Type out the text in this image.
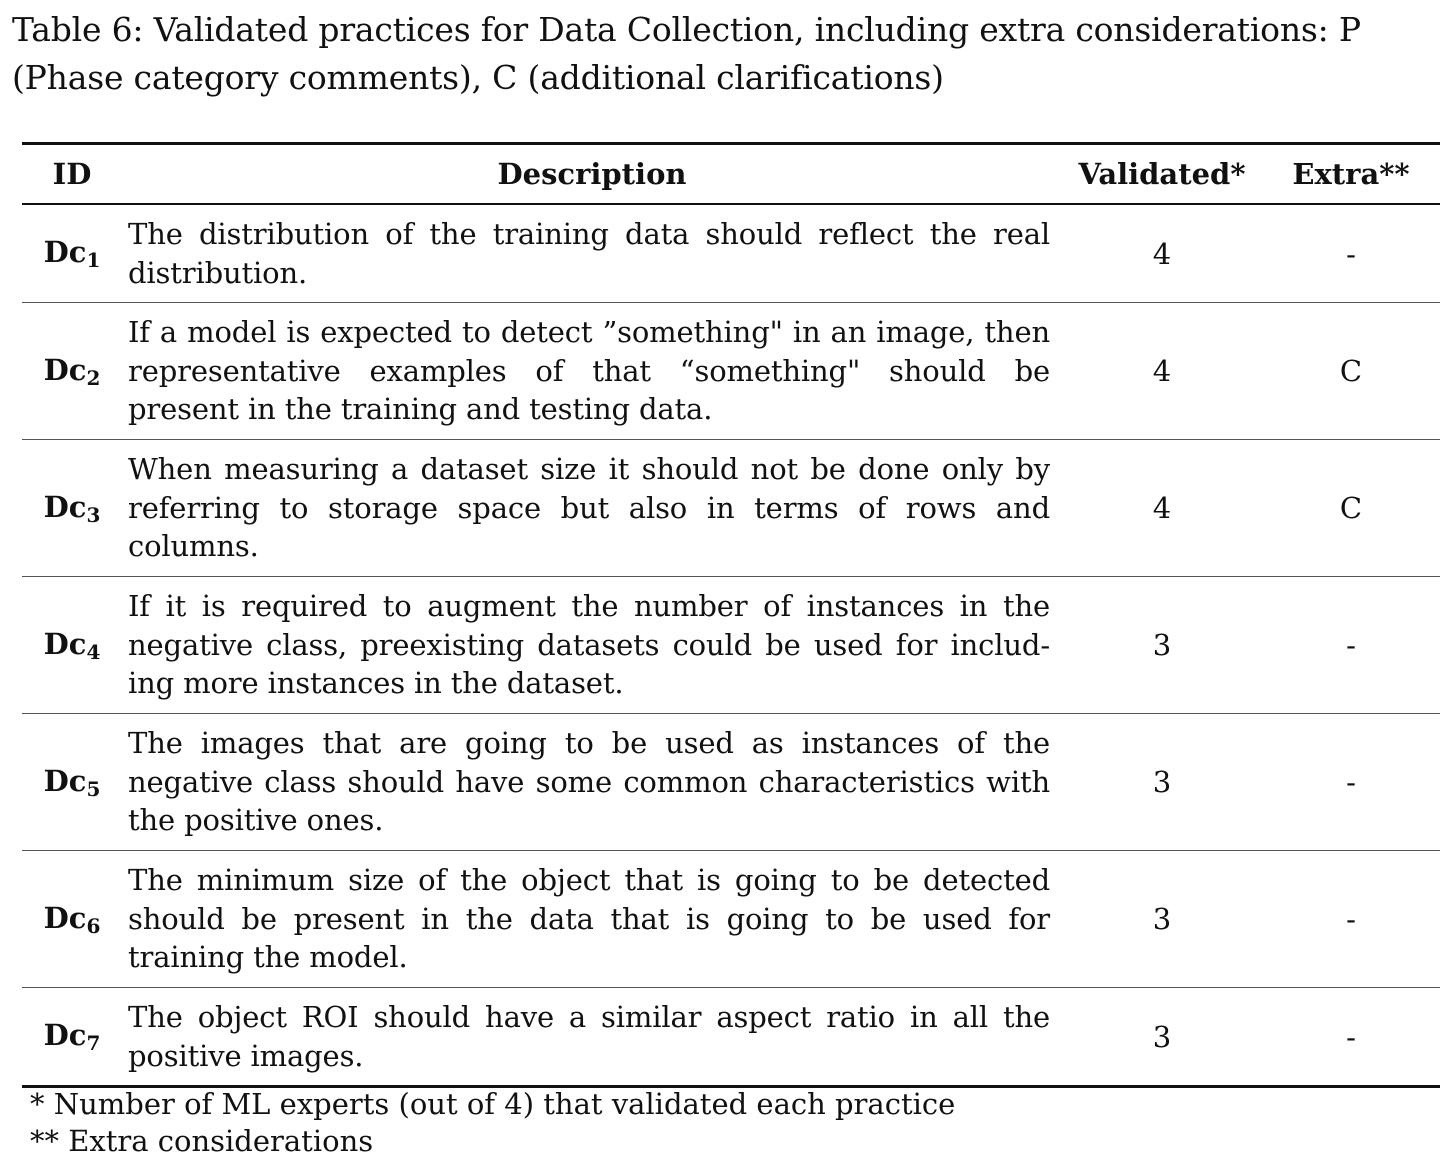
Table 6: Validated practices for Data Collection, including extra considerations: P (Phase category comments), C (additional clarifications)
ID	Description	Validated*	Extra**
$Dc_1$	The distribution of the training data should reflect the real distribution.	4	-
$Dc_2$	If a model is expected to detect ”something" in an image, then representative examples of that “something" should be present in the training and testing data.	4	C
$Dc_3$	When measuring a dataset size it should not be done only by referring to storage space but also in terms of rows and columns.	4	C
$Dc_4$	If it is required to augment the number of instances in the negative class, preexisting datasets could be used for includ-ing more instances in the dataset.	3	-
$Dc_5$	The images that are going to be used as instances of the negative class should have some common characteristics with the positive ones.	3	-
$Dc_6$	The minimum size of the object that is going to be detected should be present in the data that is going to be used for training the model.	3	-
$Dc_7$	The object ROI should have a similar aspect ratio in all the positive images.	3	-
* Number of ML experts (out of 4) that validated each practice
** Extra considerations
